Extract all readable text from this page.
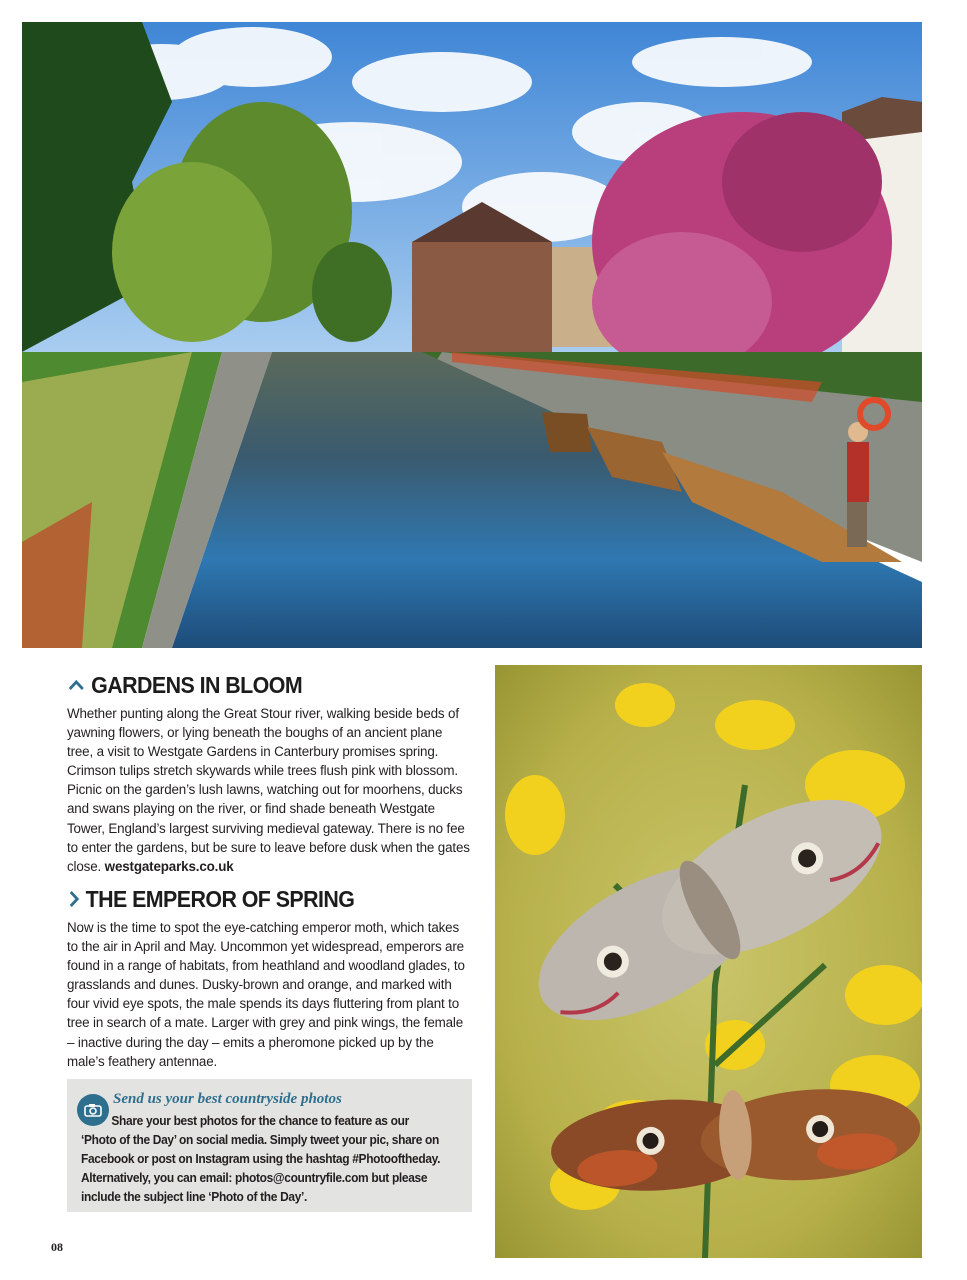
GARDENS IN BLOOM
Whether punting along the Great Stour river, walking beside beds of yawning flowers, or lying beneath the boughs of an ancient plane tree, a visit to Westgate Gardens in Canterbury promises spring. Crimson tulips stretch skywards while trees flush pink with blossom. Picnic on the garden’s lush lawns, watching out for moorhens, ducks and swans playing on the river, or find shade beneath Westgate Tower, England’s largest surviving medieval gateway. There is no fee to enter the gardens, but be sure to leave before dusk when the gates close. westgateparks.co.uk
THE EMPEROR OF SPRING
Now is the time to spot the eye-catching emperor moth, which takes to the air in April and May. Uncommon yet widespread, emperors are found in a range of habitats, from heathland and woodland glades, to grasslands and dunes. Dusky-brown and orange, and marked with four vivid eye spots, the male spends its days fluttering from plant to tree in search of a mate. Larger with grey and pink wings, the female – inactive during the day – emits a pheromone picked up by the male’s feathery antennae.
Send us your best countryside photos
Share your best photos for the chance to feature as our
‘Photo of the Day’ on social media. Simply tweet your pic, share on
Facebook or post on Instagram using the hashtag #Photooftheday.
Alternatively, you can email: photos@countryfile.com but please
include the subject line ‘Photo of the Day’.
08
